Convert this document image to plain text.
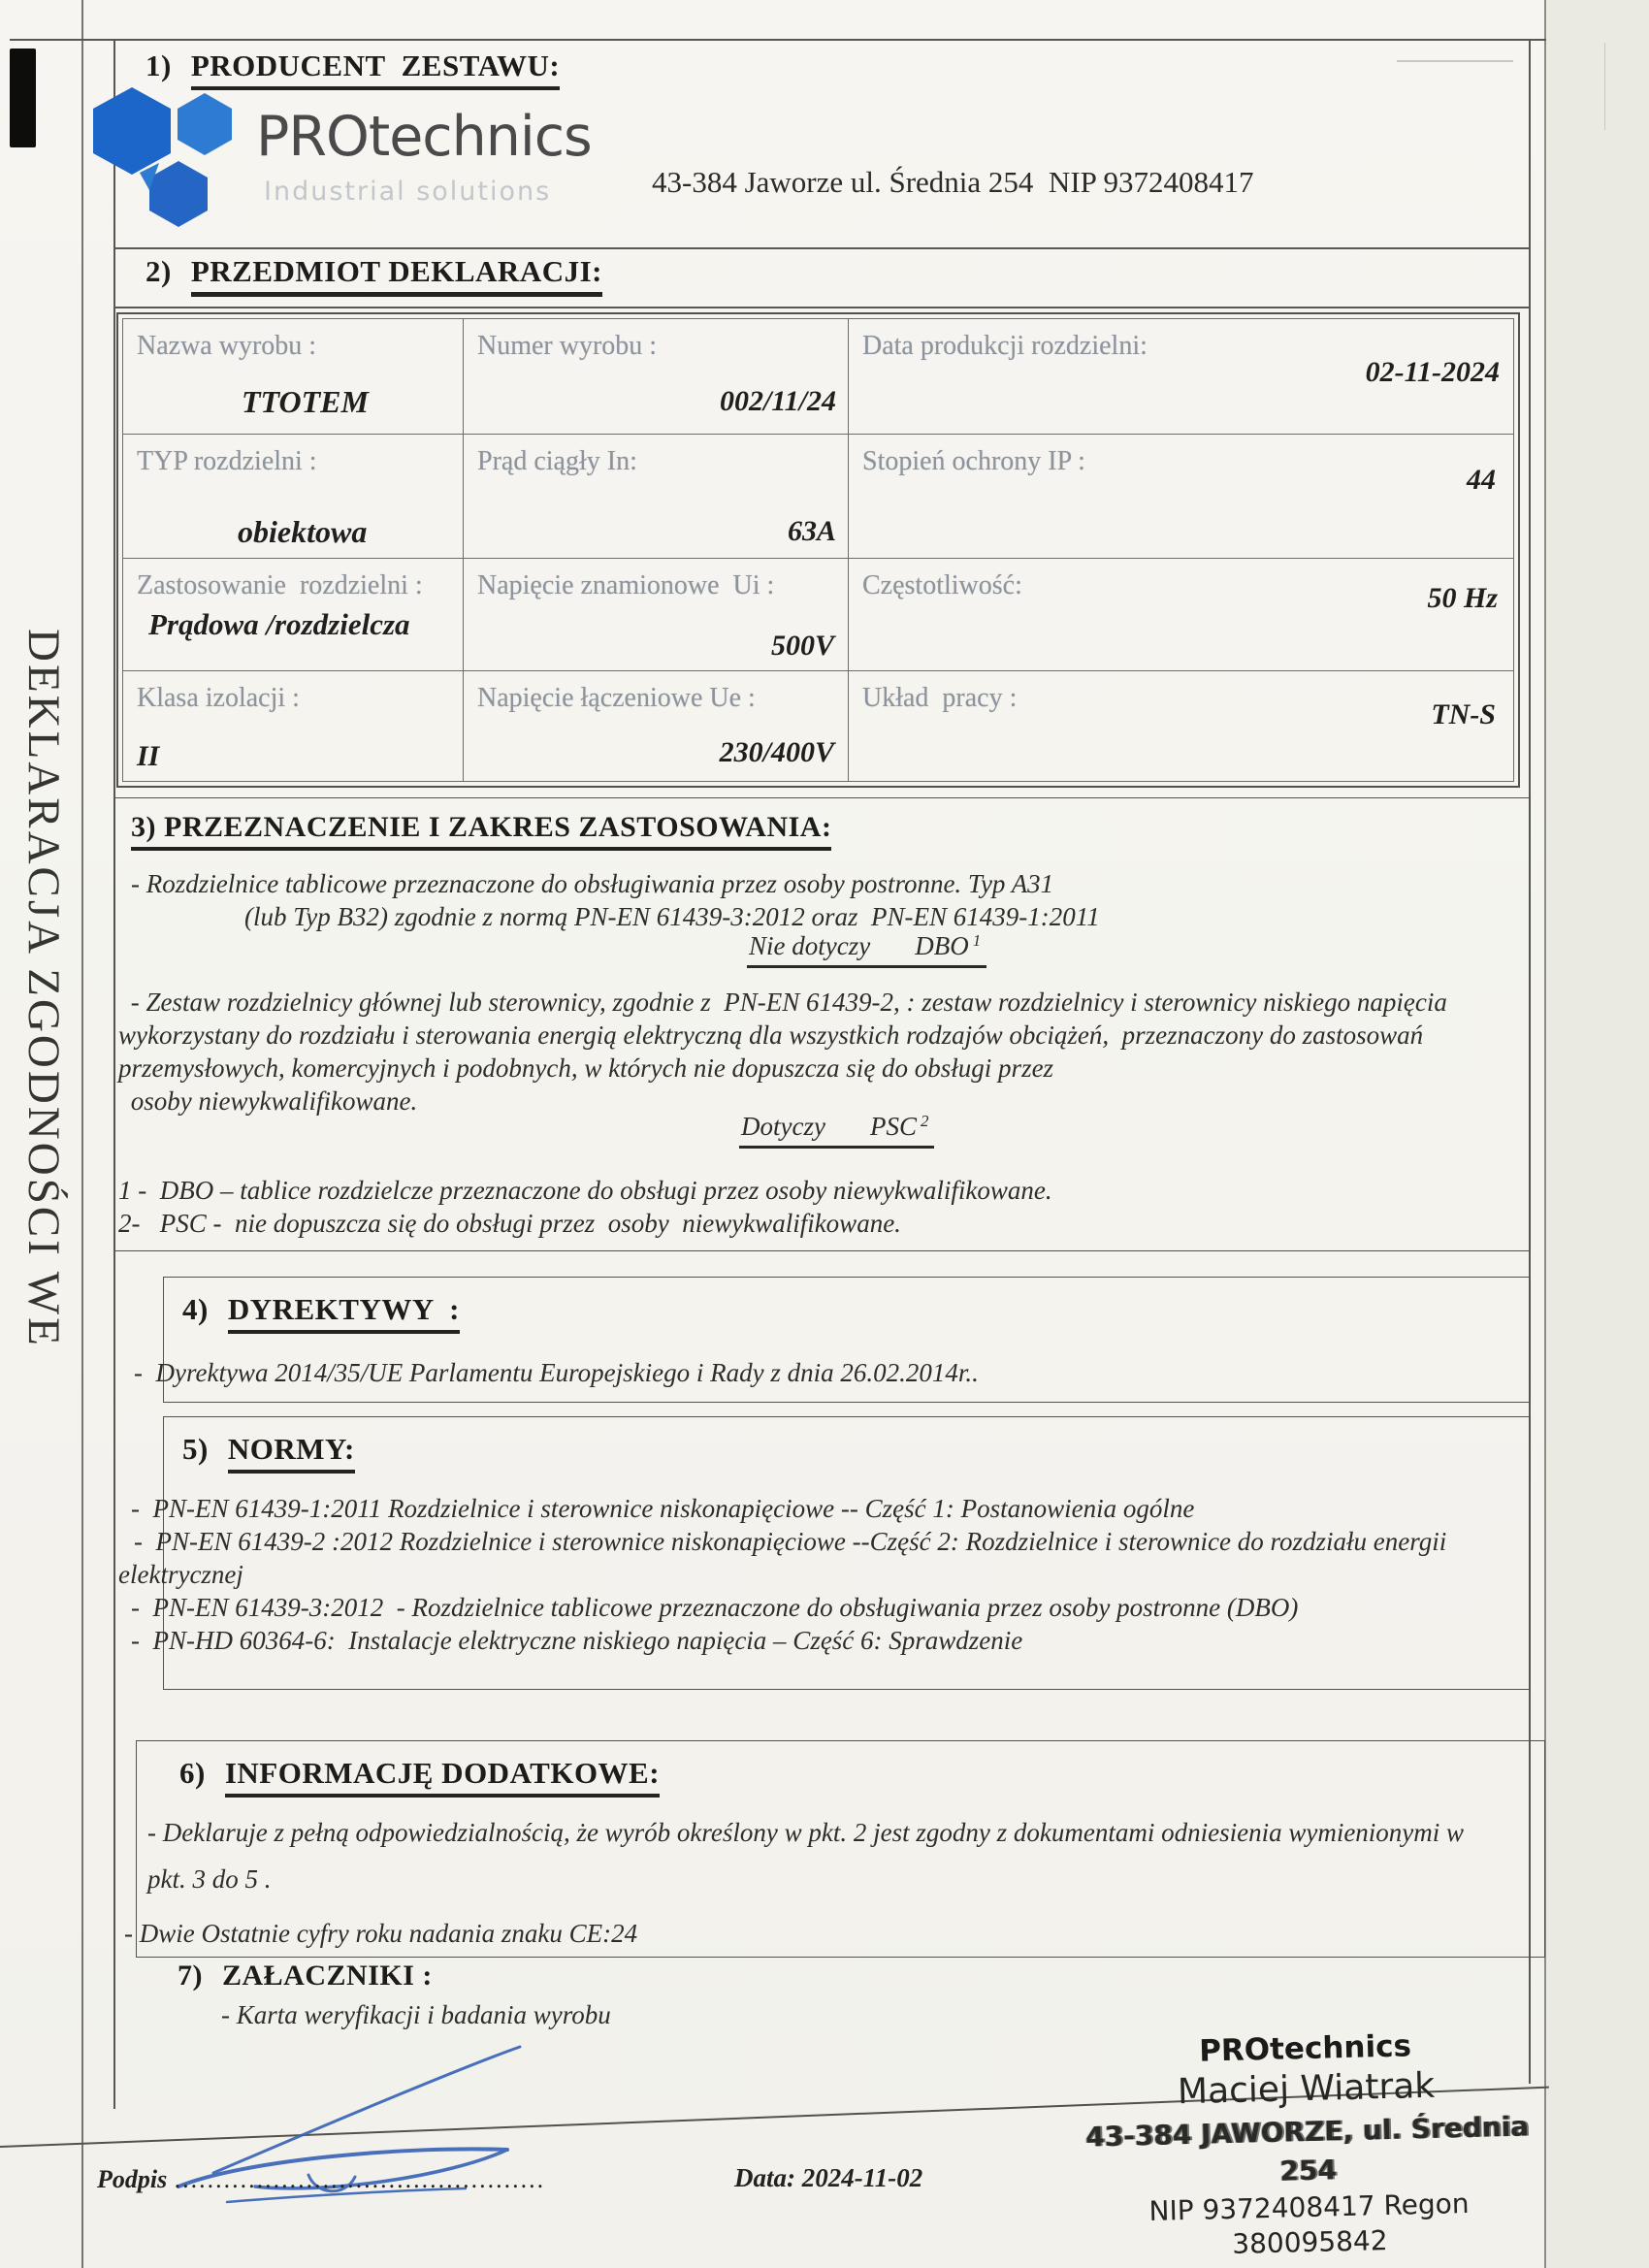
DEKLARACJA ZGODNOŚCI WE
1) PRODUCENT  ZESTAWU:
PROtechnics
Industrial solutions	43-384 Jaworze ul. Średnia 254  NIP 9372408417
2) PRZEDMIOT DEKLARACJI:
Nazwa wyrobu :
TTOTEM
Numer wyrobu :
002/11/24
Data produkcji rozdzielni:
02-11-2024
TYP rozdzielni :
obiektowa
Prąd ciągły In:
63A
Stopień ochrony IP :
44
Zastosowanie  rozdzielni :
Prądowa /rozdzielcza
Napięcie znamionowe  Ui :
500V
Częstotliwość:	50 Hz
Klasa izolacji :
II
Napięcie łączeniowe Ue :
230/400V
Układ  pracy :
TN-S
3) PRZEZNACZENIE I ZAKRES ZASTOSOWANIA:
- Rozdzielnice tablicowe przeznaczone do obsługiwania przez osoby postronne. Typ A31
(lub Typ B32) zgodnie z normą PN-EN 61439-3:2012 oraz  PN-EN 61439-1:2011
Nie dotyczy DBO$^1$
- Zestaw rozdzielnicy głównej lub sterownicy, zgodnie z  PN-EN 61439-2, : zestaw rozdzielnicy i sterownicy niskiego napięcia
wykorzystany do rozdziału i sterowania energią elektryczną dla wszystkich rodzajów obciążeń,  przeznaczony do zastosowań
przemysłowych, komercyjnych i podobnych, w których nie dopuszcza się do obsługi przez
osoby niewykwalifikowane.
Dotyczy PSC$^2$
1 -  DBO – tablice rozdzielcze przeznaczone do obsługi przez osoby niewykwalifikowane.
2-   PSC -  nie dopuszcza się do obsługi przez  osoby  niewykwalifikowane.
4) DYREKTYWY  :
-  Dyrektywa 2014/35/UE Parlamentu Europejskiego i Rady z dnia 26.02.2014r..
5) NORMY:
-  PN-EN 61439-1:2011 Rozdzielnice i sterownice niskonapięciowe -- Część 1: Postanowienia ogólne
-  PN-EN 61439-2 :2012 Rozdzielnice i sterownice niskonapięciowe --Część 2: Rozdzielnice i sterownice do rozdziału energii
elektrycznej
-  PN-EN 61439-3:2012  - Rozdzielnice tablicowe przeznaczone do obsługiwania przez osoby postronne (DBO)
-  PN-HD 60364-6:  Instalacje elektryczne niskiego napięcia – Część 6: Sprawdzenie
6) INFORMACJĘ DODATKOWE:
- Deklaruje z pełną odpowiedzialnością, że wyrób określony w pkt. 2 jest zgodny z dokumentami odniesienia wymienionymi w
pkt. 3 do 5 .
- Dwie Ostatnie cyfry roku nadania znaku CE:24
7) ZAŁACZNIKI :
- Karta weryfikacji i badania wyrobu
Podpis .............................................	Data: 2024-11-02
PROtechnics
Maciej Wiatrak
43-384 JAWORZE, ul. Średnia 254
NIP 9372408417 Regon 380095842
